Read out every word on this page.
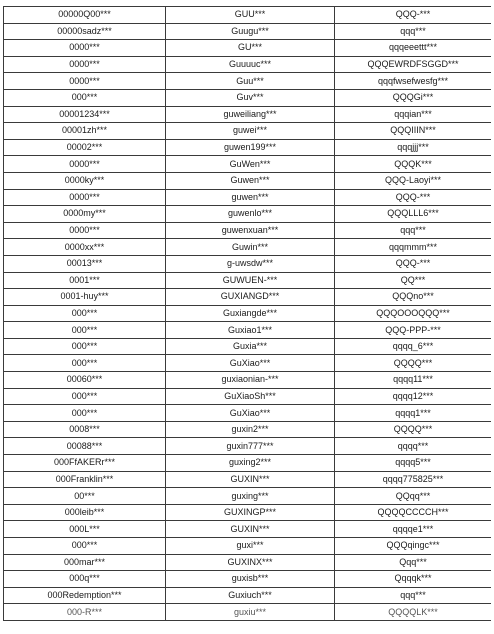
00000Q00***	GUU***	QQQ-***
00000sadz***	Guugu***	qqq***
0000***	GU***	qqqeeettt***
0000***	Guuuuc***	QQQEWRDFSGGD***
0000***	Guu***	qqqfwsefwesfg***
000***	Guv***	QQQGi***
00001234***	guweiliang***	qqqian***
00001zh***	guwei***	QQQIIIN***
00002***	guwen199***	qqqjjj***
0000***	GuWen***	QQQK***
0000ky***	Guwen***	QQQ-Laoyi***
0000***	guwen***	QQQ-***
0000my***	guwenlo***	QQQLLL6***
0000***	guwenxuan***	qqq***
0000xx***	Guwin***	qqqmmm***
00013***	g-uwsdw***	QQQ-***
0001***	GUWUEN-***	QQ***
0001-huy***	GUXIANGD***	QQQno***
000***	Guxiangde***	QQQOOOQQQ***
000***	Guxiao1***	QQQ-PPP-***
000***	Guxia***	qqqq_6***
000***	GuXiao***	QQQQ***
00060***	guxiaonian-***	qqqq11***
000***	GuXiaoSh***	qqqq12***
000***	GuXiao***	qqqq1***
0008***	guxin2***	QQQQ***
00088***	guxin777***	qqqq***
000FfAKERr***	guxing2***	qqqq5***
000Franklin***	GUXIN***	qqqq775825***
00***	guxing***	QQqq***
000leib***	GUXINGP***	QQQQCCCCH***
000L***	GUXIN***	qqqqe1***
000***	guxi***	QQQqingc***
000mar***	GUXINX***	Qqq***
000q***	guxisb***	Qqqqk***
000Redemption***	Guxiuch***	qqq***
000-R***	guxiu***	QQQQLK***
